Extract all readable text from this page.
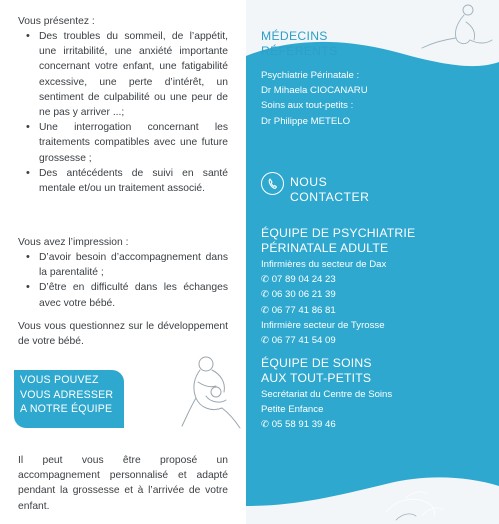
Vous présentez :
• Des troubles du sommeil, de l’appétit, une irritabilité, une anxiété importante concernant votre enfant, une fatigabilité excessive, une perte d’intérêt, un sentiment de culpabilité ou une peur de ne pas y arriver ...;
• Une interrogation concernant les traitements compatibles avec une future grossesse ;
• Des antécédents de suivi en santé mentale et/ou un traitement associé.
Vous avez l’impression :
• D’avoir besoin d’accompagnement dans la parentalité ;
• D’être en difficulté dans les échanges avec votre bébé.
Vous vous questionnez sur le développement de votre bébé.
VOUS POUVEZ
VOUS ADRESSER
A NOTRE ÉQUIPE
Il peut vous être proposé un accompagnement personnalisé et adapté pendant la grossesse et à l’arrivée de votre enfant.
MÉDECINS
RÉFÉRENTS
Psychiatrie Périnatale :
Dr Mihaela CIOCANARU
Soins aux tout-petits :
Dr Philippe METELO
NOUS
CONTACTER
ÉQUIPE DE PSYCHIATRIE
PÉRINATALE ADULTE
Infirmières du secteur de Dax
✆ 07 89 04 24 23
✆ 06 30 06 21 39
✆ 06 77 41 86 81
Infirmière secteur de Tyrosse
✆ 06 77 41 54 09
ÉQUIPE DE SOINS
AUX TOUT-PETITS
Secrétariat du Centre de Soins
Petite Enfance
✆ 05 58 91 39 46
